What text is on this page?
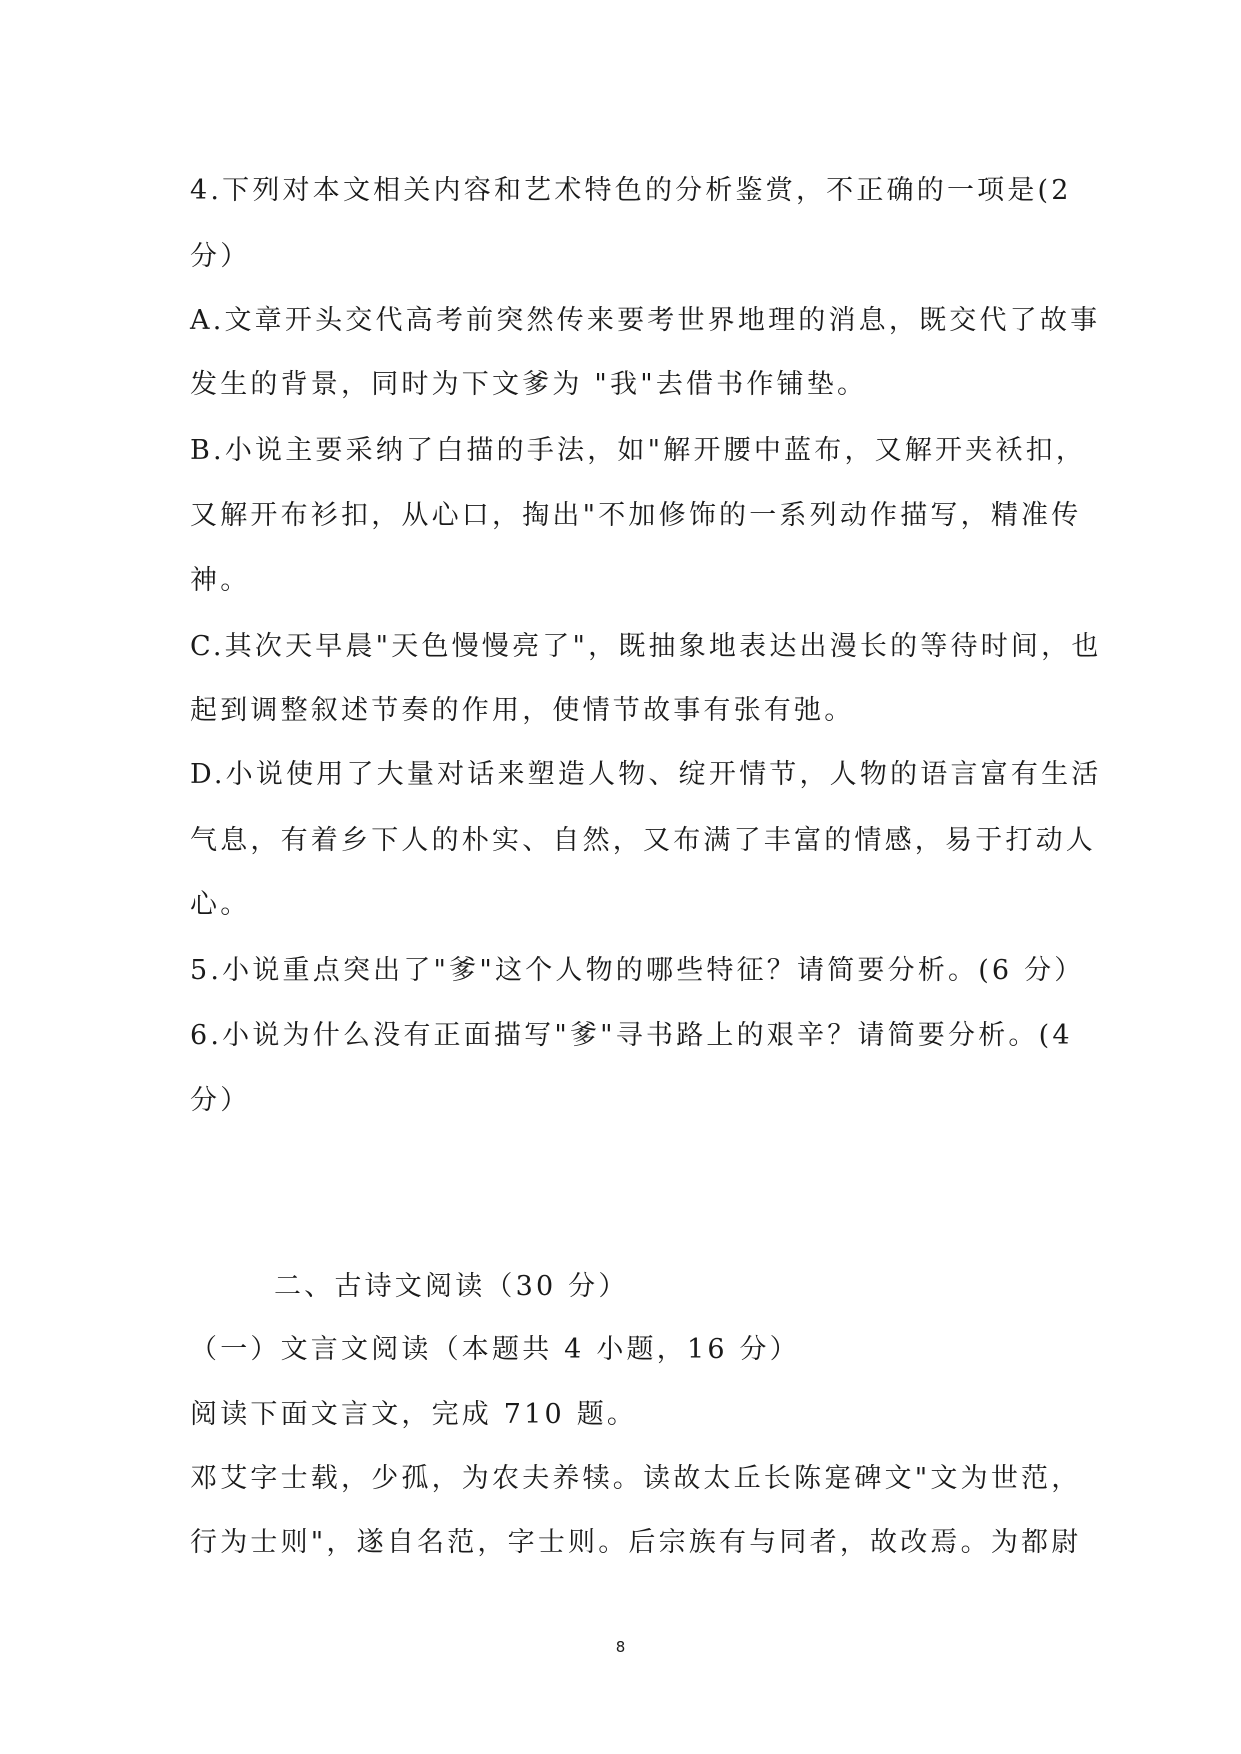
4.下列对本文相关内容和艺术特色的分析鉴赏，不正确的一项是(2
分）
A.文章开头交代高考前突然传来要考世界地理的消息，既交代了故事
发生的背景，同时为下文爹为 "我"去借书作铺垫。
B.小说主要采纳了白描的手法，如"解开腰中蓝布，又解开夹袄扣，
又解开布衫扣，从心口，掏出"不加修饰的一系列动作描写，精准传
神。
C.其次天早晨"天色慢慢亮了"，既抽象地表达出漫长的等待时间，也
起到调整叙述节奏的作用，使情节故事有张有弛。
D.小说使用了大量对话来塑造人物、绽开情节，人物的语言富有生活
气息，有着乡下人的朴实、自然，又布满了丰富的情感，易于打动人
心。
5.小说重点突出了"爹"这个人物的哪些特征？请简要分析。(6 分）
6.小说为什么没有正面描写"爹"寻书路上的艰辛？请简要分析。(4
分）
二、古诗文阅读（30 分）
（一）文言文阅读（本题共 4 小题，16 分）
阅读下面文言文，完成 710 题。
邓艾字士载，少孤，为农夫养犊。读故太丘长陈寔碑文"文为世范，
行为士则"，遂自名范，字士则。后宗族有与同者，故改焉。为都尉
8
